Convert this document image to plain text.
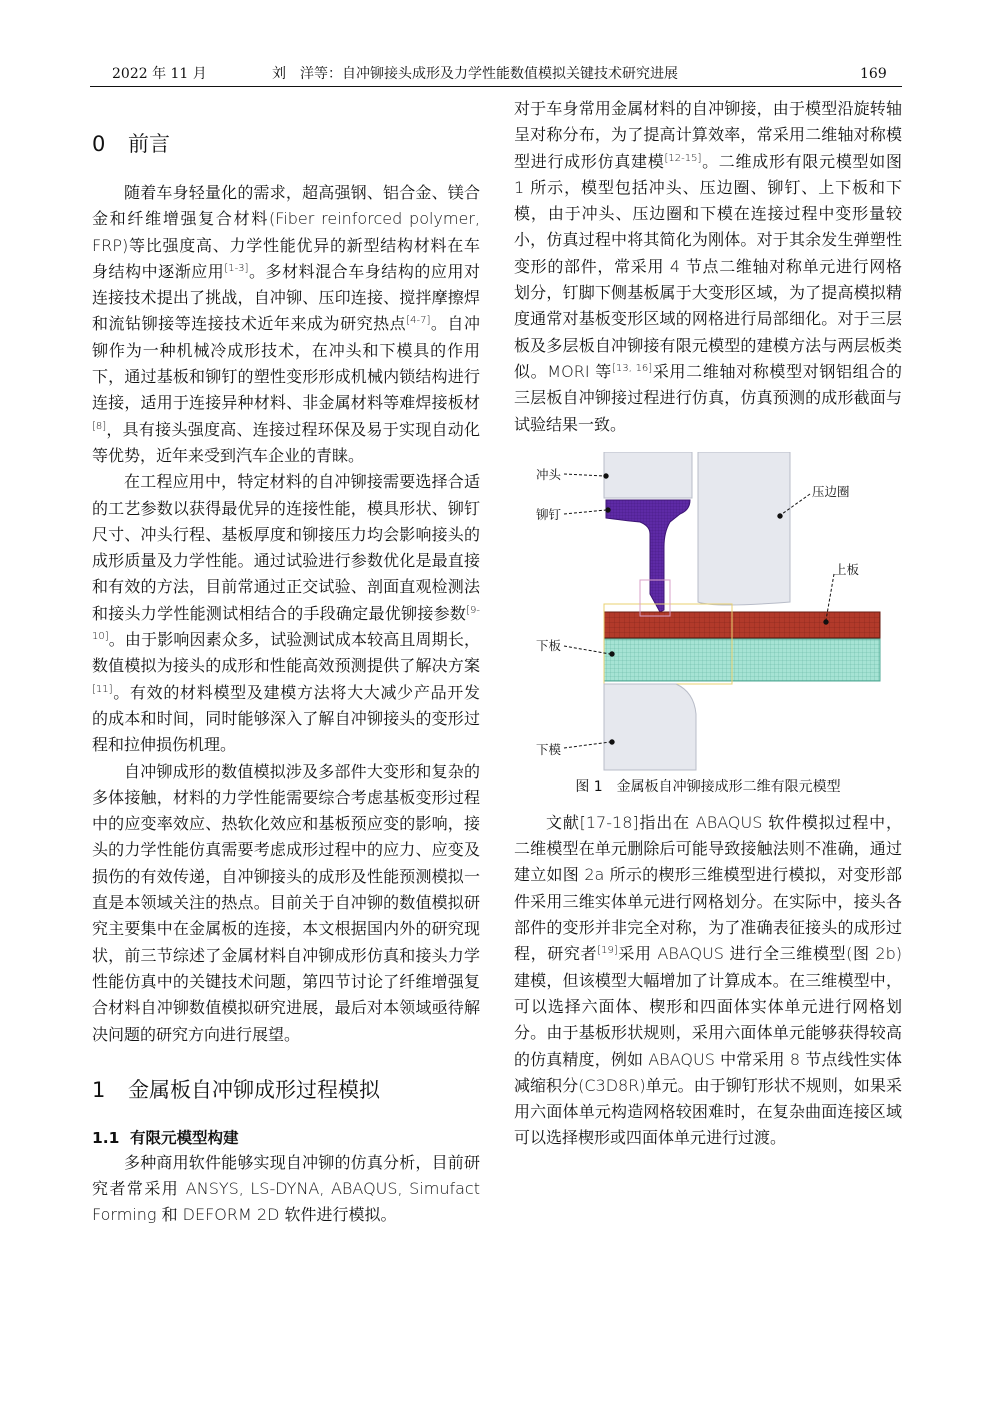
2022 年 11 月	刘　洋等：自冲铆接头成形及力学性能数值模拟关键技术研究进展	169
0 前言

随着车身轻量化的需求，超高强钢、铝合金、镁合金和纤维增强复合材料(Fiber reinforced polymer, FRP)等比强度高、力学性能优异的新型结构材料在车身结构中逐渐应用[1-3]。多材料混合车身结构的应用对连接技术提出了挑战，自冲铆、压印连接、搅拌摩擦焊和流钻铆接等连接技术近年来成为研究热点[4-7]。自冲铆作为一种机械冷成形技术，在冲头和下模具的作用下，通过基板和铆钉的塑性变形形成机械内锁结构进行连接，适用于连接异种材料、非金属材料等难焊接板材[8]，具有接头强度高、连接过程环保及易于实现自动化等优势，近年来受到汽车企业的青睐。

在工程应用中，特定材料的自冲铆接需要选择合适的工艺参数以获得最优异的连接性能，模具形状、铆钉尺寸、冲头行程、基板厚度和铆接压力均会影响接头的成形质量及力学性能。通过试验进行参数优化是最直接和有效的方法，目前常通过正交试验、剖面直观检测法和接头力学性能测试相结合的手段确定最优铆接参数[9-10]。由于影响因素众多，试验测试成本较高且周期长，数值模拟为接头的成形和性能高效预测提供了解决方案[11]。有效的材料模型及建模方法将大大减少产品开发的成本和时间，同时能够深入了解自冲铆接头的变形过程和拉伸损伤机理。

自冲铆成形的数值模拟涉及多部件大变形和复杂的多体接触，材料的力学性能需要综合考虑基板变形过程中的应变率效应、热软化效应和基板预应变的影响，接头的力学性能仿真需要考虑成形过程中的应力、应变及损伤的有效传递，自冲铆接头的成形及性能预测模拟一直是本领域关注的热点。目前关于自冲铆的数值模拟研究主要集中在金属板的连接，本文根据国内外的研究现状，前三节综述了金属材料自冲铆成形仿真和接头力学性能仿真中的关键技术问题，第四节讨论了纤维增强复合材料自冲铆数值模拟研究进展，最后对本领域亟待解决问题的研究方向进行展望。

1 金属板自冲铆成形过程模拟
1.1 有限元模型构建

多种商用软件能够实现自冲铆的仿真分析，目前研究者常采用 ANSYS, LS-DYNA, ABAQUS, Simufact Forming 和 DEFORM 2D 软件进行模拟。

对于车身常用金属材料的自冲铆接，由于模型沿旋转轴呈对称分布，为了提高计算效率，常采用二维轴对称模型进行成形仿真建模[12-15]。二维成形有限元模型如图 1 所示，模型包括冲头、压边圈、铆钉、上下板和下模，由于冲头、压边圈和下模在连接过程中变形量较小，仿真过程中将其简化为刚体。对于其余发生弹塑性变形的部件，常采用 4 节点二维轴对称单元进行网格划分，钉脚下侧基板属于大变形区域，为了提高模拟精度通常对基板变形区域的网格进行局部细化。对于三层板及多层板自冲铆接有限元模型的建模方法与两层板类似。MORI 等[13, 16]采用二维轴对称模型对钢铝组合的三层板自冲铆接过程进行仿真，仿真预测的成形截面与试验结果一致。

冲头
铆钉
压边圈
上板
下板
下模
图 1 金属板自冲铆接成形二维有限元模型

文献[17-18]指出在 ABAQUS 软件模拟过程中，二维模型在单元删除后可能导致接触法则不准确，通过建立如图 2a 所示的楔形三维模型进行模拟，对变形部件采用三维实体单元进行网格划分。在实际中，接头各部件的变形并非完全对称，为了准确表征接头的成形过程，研究者[19]采用 ABAQUS 进行全三维模型(图 2b)建模，但该模型大幅增加了计算成本。在三维模型中，可以选择六面体、楔形和四面体实体单元进行网格划分。由于基板形状规则，采用六面体单元能够获得较高的仿真精度，例如 ABAQUS 中常采用 8 节点线性实体减缩积分(C3D8R)单元。由于铆钉形状不规则，如果采用六面体单元构造网格较困难时，在复杂曲面连接区域可以选择楔形或四面体单元进行过渡。
